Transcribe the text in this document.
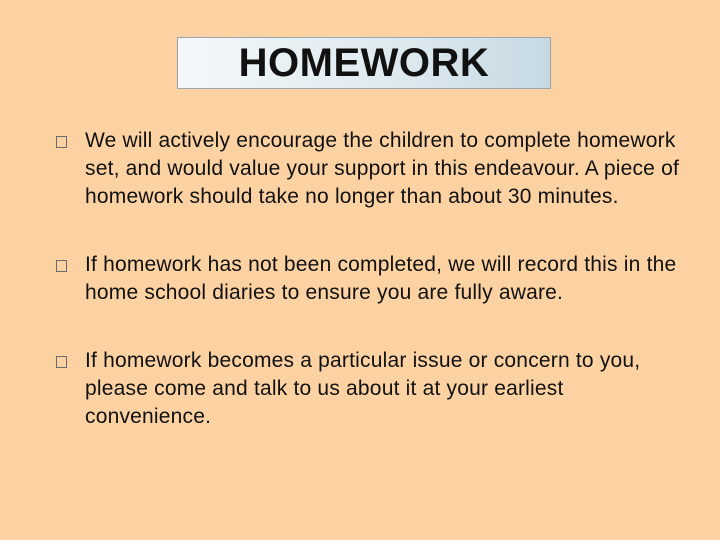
HOMEWORK
We will actively encourage the children to complete homework set, and would value your support in this endeavour. A piece of homework should take no longer than about 30 minutes.
If homework has not been completed, we will record this in the home school diaries to ensure you are fully aware.
If homework becomes a particular issue or concern to you, please come and talk to us about it at your earliest convenience.
